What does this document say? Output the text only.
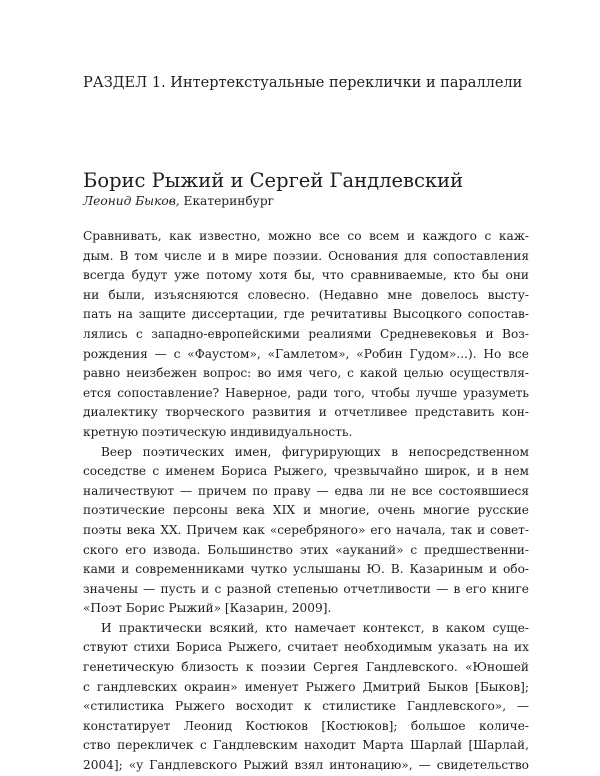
РАЗДЕЛ 1. Интертекстуальные переклички и параллели
Борис Рыжий и Сергей Гандлевский
Леонид Быков, Екатеринбург
Сравнивать, как известно, можно все со всем и каждого с каж-
дым. В том числе и в мире поэзии. Основания для сопоставления
всегда будут уже потому хотя бы, что сравниваемые, кто бы они
ни были, изъясняются словесно. (Недавно мне довелось высту-
пать на защите диссертации, где речитативы Высоцкого сопостав-
лялись с западно-европейскими реалиями Средневековья и Воз-
рождения — с «Фаустом», «Гамлетом», «Робин Гудом»...). Но все
равно неизбежен вопрос: во имя чего, с какой целью осуществля-
ется сопоставление? Наверное, ради того, чтобы лучше уразуметь
диалектику творческого развития и отчетливее представить кон-
кретную поэтическую индивидуальность.
Веер поэтических имен, фигурирующих в непосредственном
соседстве с именем Бориса Рыжего, чрезвычайно широк, и в нем
наличествуют — причем по праву — едва ли не все состоявшиеся
поэтические персоны века XIX и многие, очень многие русские
поэты века XX. Причем как «серебряного» его начала, так и совет-
ского его извода. Большинство этих «ауканий» с предшественни-
ками и современниками чутко услышаны Ю. В. Казариным и обо-
значены — пусть и с разной степенью отчетливости — в его книге
«Поэт Борис Рыжий» [Казарин, 2009].
И практически всякий, кто намечает контекст, в каком суще-
ствуют стихи Бориса Рыжего, считает необходимым указать на их
генетическую близость к поэзии Сергея Гандлевского. «Юношей
с гандлевских окраин» именует Рыжего Дмитрий Быков [Быков];
«стилистика Рыжего восходит к стилистике Гандлевского», —
констатирует Леонид Костюков [Костюков]; большое количе-
ство перекличек с Гандлевским находит Марта Шарлай [Шарлай,
2004]; «у Гандлевского Рыжий взял интонацию», — свидетельство
